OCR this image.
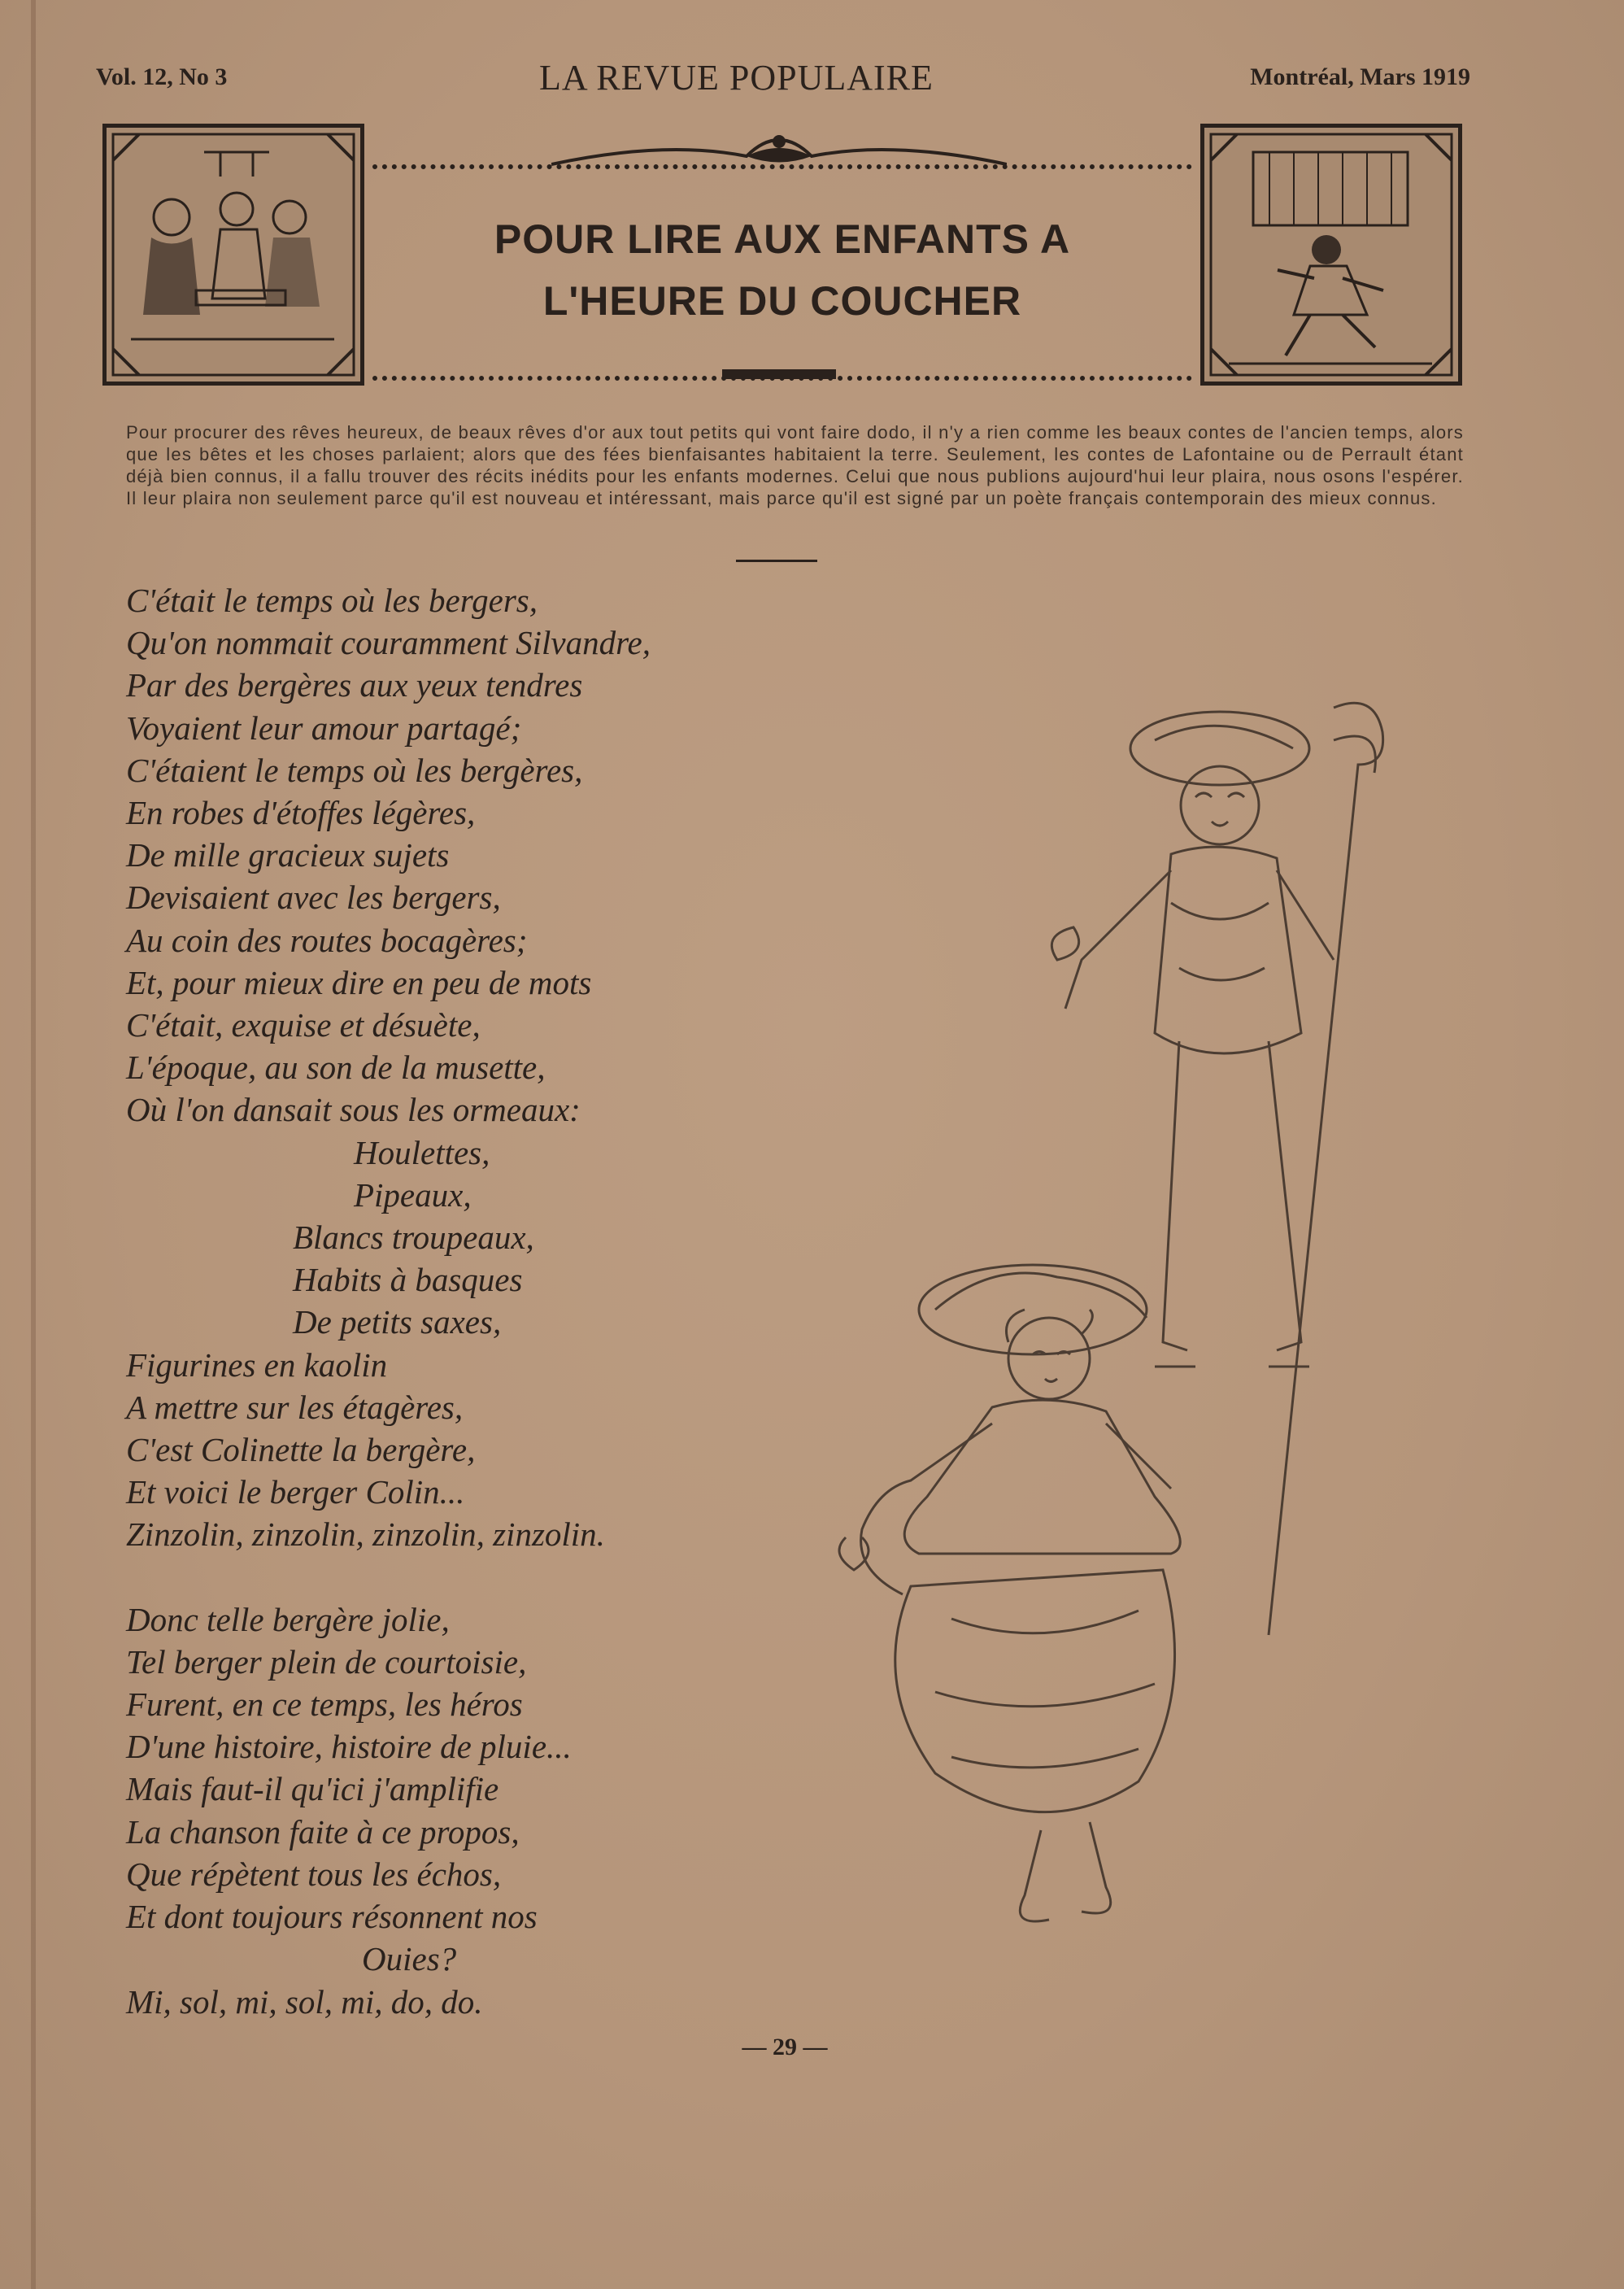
Vol. 12, No 3	LA REVUE POPULAIRE	Montréal, Mars 1919
POUR LIRE AUX ENFANTS A
L'HEURE DU COUCHER
Pour procurer des rêves heureux, de beaux rêves d'or aux tout petits qui vont faire dodo, il n'y a rien comme les beaux contes de l'ancien temps, alors que les bêtes et les choses parlaient; alors que des fées bienfaisantes habitaient la terre. Seulement, les contes de Lafontaine ou de Perrault étant déjà bien connus, il a fallu trouver des récits inédits pour les enfants modernes. Celui que nous publions aujourd'hui leur plaira, nous osons l'espérer. Il leur plaira non seulement parce qu'il est nouveau et intéressant, mais parce qu'il est signé par un poète français contemporain des mieux connus.
C'était le temps où les bergers,
Qu'on nommait couramment Silvandre,
Par des bergères aux yeux tendres
Voyaient leur amour partagé;
C'étaient le temps où les bergères,
En robes d'étoffes légères,
De mille gracieux sujets
Devisaient avec les bergers,
Au coin des routes bocagères;
Et, pour mieux dire en peu de mots
C'était, exquise et désuète,
L'époque, au son de la musette,
Où l'on dansait sous les ormeaux:
Houlettes,
Pipeaux,
Blancs troupeaux,
Habits à basques
De petits saxes,
Figurines en kaolin
A mettre sur les étagères,
C'est Colinette la bergère,
Et voici le berger Colin...
Zinzolin, zinzolin, zinzolin, zinzolin.
Donc telle bergère jolie,
Tel berger plein de courtoisie,
Furent, en ce temps, les héros
D'une histoire, histoire de pluie...
Mais faut-il qu'ici j'amplifie
La chanson faite à ce propos,
Que répètent tous les échos,
Et dont toujours résonnent nos
Ouies?
Mi, sol, mi, sol, mi, do, do.
— 29 —
